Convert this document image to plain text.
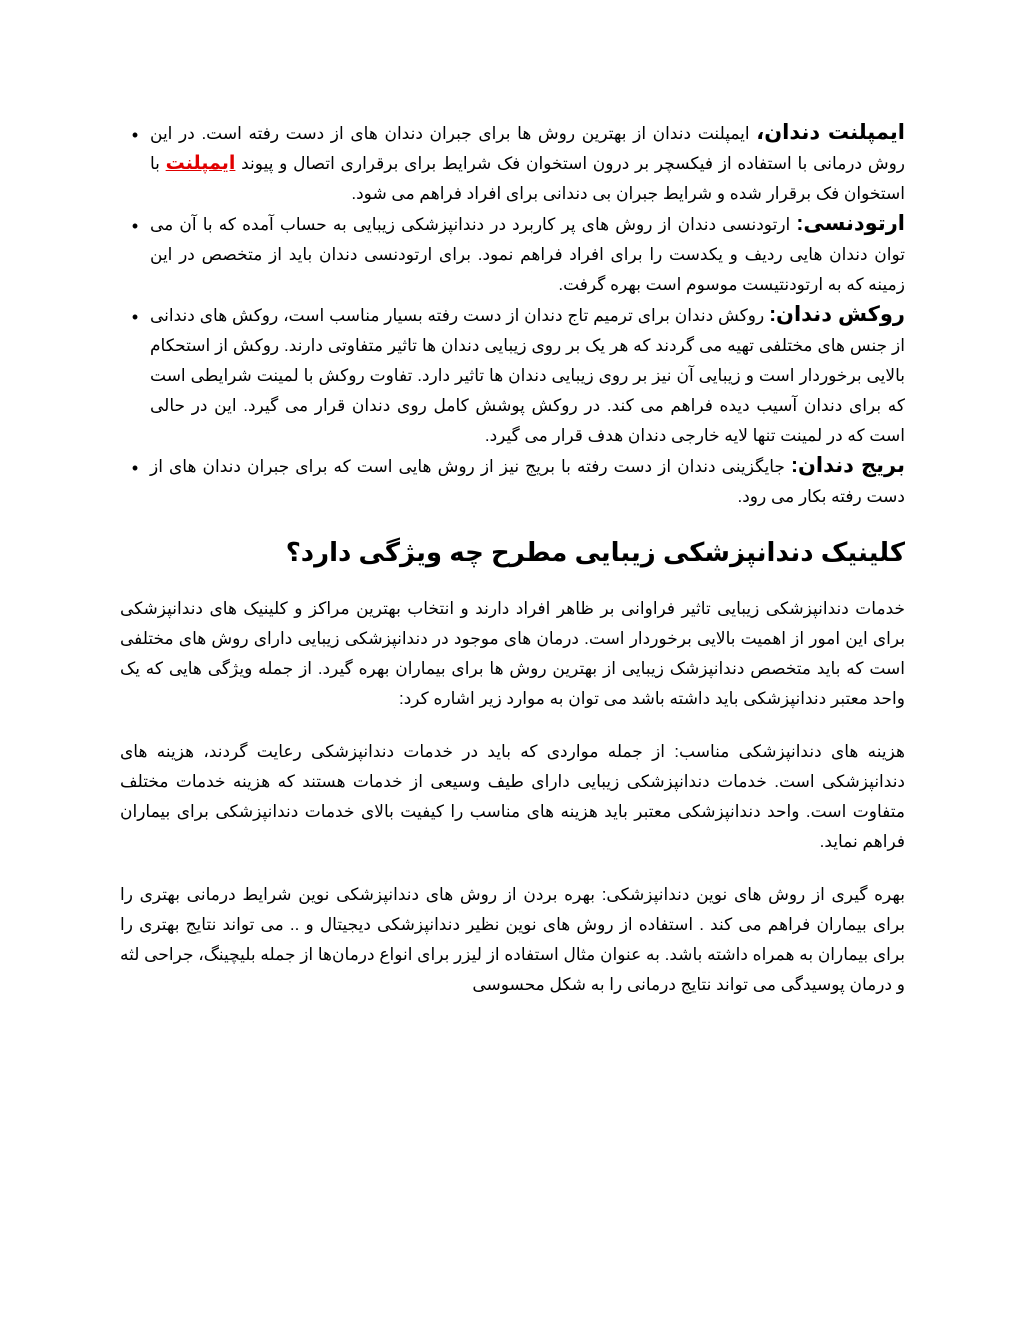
•	ایمپلنت دندان، ایمپلنت دندان از بهترین روش ها برای جبران دندان های از دست رفته است. در این روش درمانی با استفاده از فیکسچر بر درون استخوان فک شرایط برای برقراری اتصال و پیوند ایمپلنت با استخوان فک برقرار شده و شرایط جبران بی دندانی برای افراد فراهم می شود.
•	ارتودنسی: ارتودنسی دندان از روش های پر کاربرد در دندانپزشکی زیبایی به حساب آمده که با آن می توان دندان هایی ردیف و یکدست را برای افراد فراهم نمود. برای ارتودنسی دندان باید از متخصص در این زمینه که به ارتودنتیست موسوم است بهره گرفت.
•	روکش دندان: روکش دندان برای ترمیم تاج دندان از دست رفته بسیار مناسب است، روکش های دندانی از جنس های مختلفی تهیه می گردند که هر یک بر روی زیبایی دندان ها تاثیر متفاوتی دارند. روکش از استحکام بالایی برخوردار است و زیبایی آن نیز بر روی زیبایی دندان ها تاثیر دارد. تفاوت روکش با لمینت شرایطی است که برای دندان آسیب دیده فراهم می کند. در روکش پوشش کامل روی دندان قرار می گیرد. این در حالی است که در لمینت تنها لایه خارجی دندان هدف قرار می گیرد.
•	بریج دندان: جایگزینی دندان از دست رفته با بریج نیز از روش هایی است که برای جبران دندان های از دست رفته بکار می رود.
کلینیک دندانپزشکی زیبایی مطرح چه ویژگی دارد؟

خدمات دندانپزشکی زیبایی تاثیر فراوانی بر ظاهر افراد دارند و انتخاب بهترین مراکز و کلینیک های دندانپزشکی برای این امور از اهمیت بالایی برخوردار است. درمان های موجود در دندانپزشکی زیبایی دارای روش های مختلفی است که باید متخصص دندانپزشک زیبایی از بهترین روش ها برای بیماران بهره گیرد. از جمله ویژگی هایی که یک واحد معتبر دندانپزشکی باید داشته باشد می توان به موارد زیر اشاره کرد:

هزینه های دندانپزشکی مناسب: از جمله مواردی که باید در خدمات دندانپزشکی رعایت گردند، هزینه های دندانپزشکی است. خدمات دندانپزشکی زیبایی دارای طیف وسیعی از خدمات هستند که هزینه خدمات مختلف متفاوت است. واحد دندانپزشکی معتبر باید هزینه های مناسب را کیفیت بالای خدمات دندانپزشکی برای بیماران فراهم نماید.

بهره گیری از روش های نوین دندانپزشکی: بهره بردن از روش های دندانپزشکی نوین شرایط درمانی بهتری را برای بیماران فراهم می کند . استفاده از روش های نوین نظیر دندانپزشکی دیجیتال و .. می تواند نتایج بهتری را برای بیماران به همراه داشته باشد. به عنوان مثال استفاده از لیزر برای انواع درمان‌ها از جمله بلیچینگ، جراحی لثه و درمان پوسیدگی می تواند نتایج درمانی را به شکل محسوسی
